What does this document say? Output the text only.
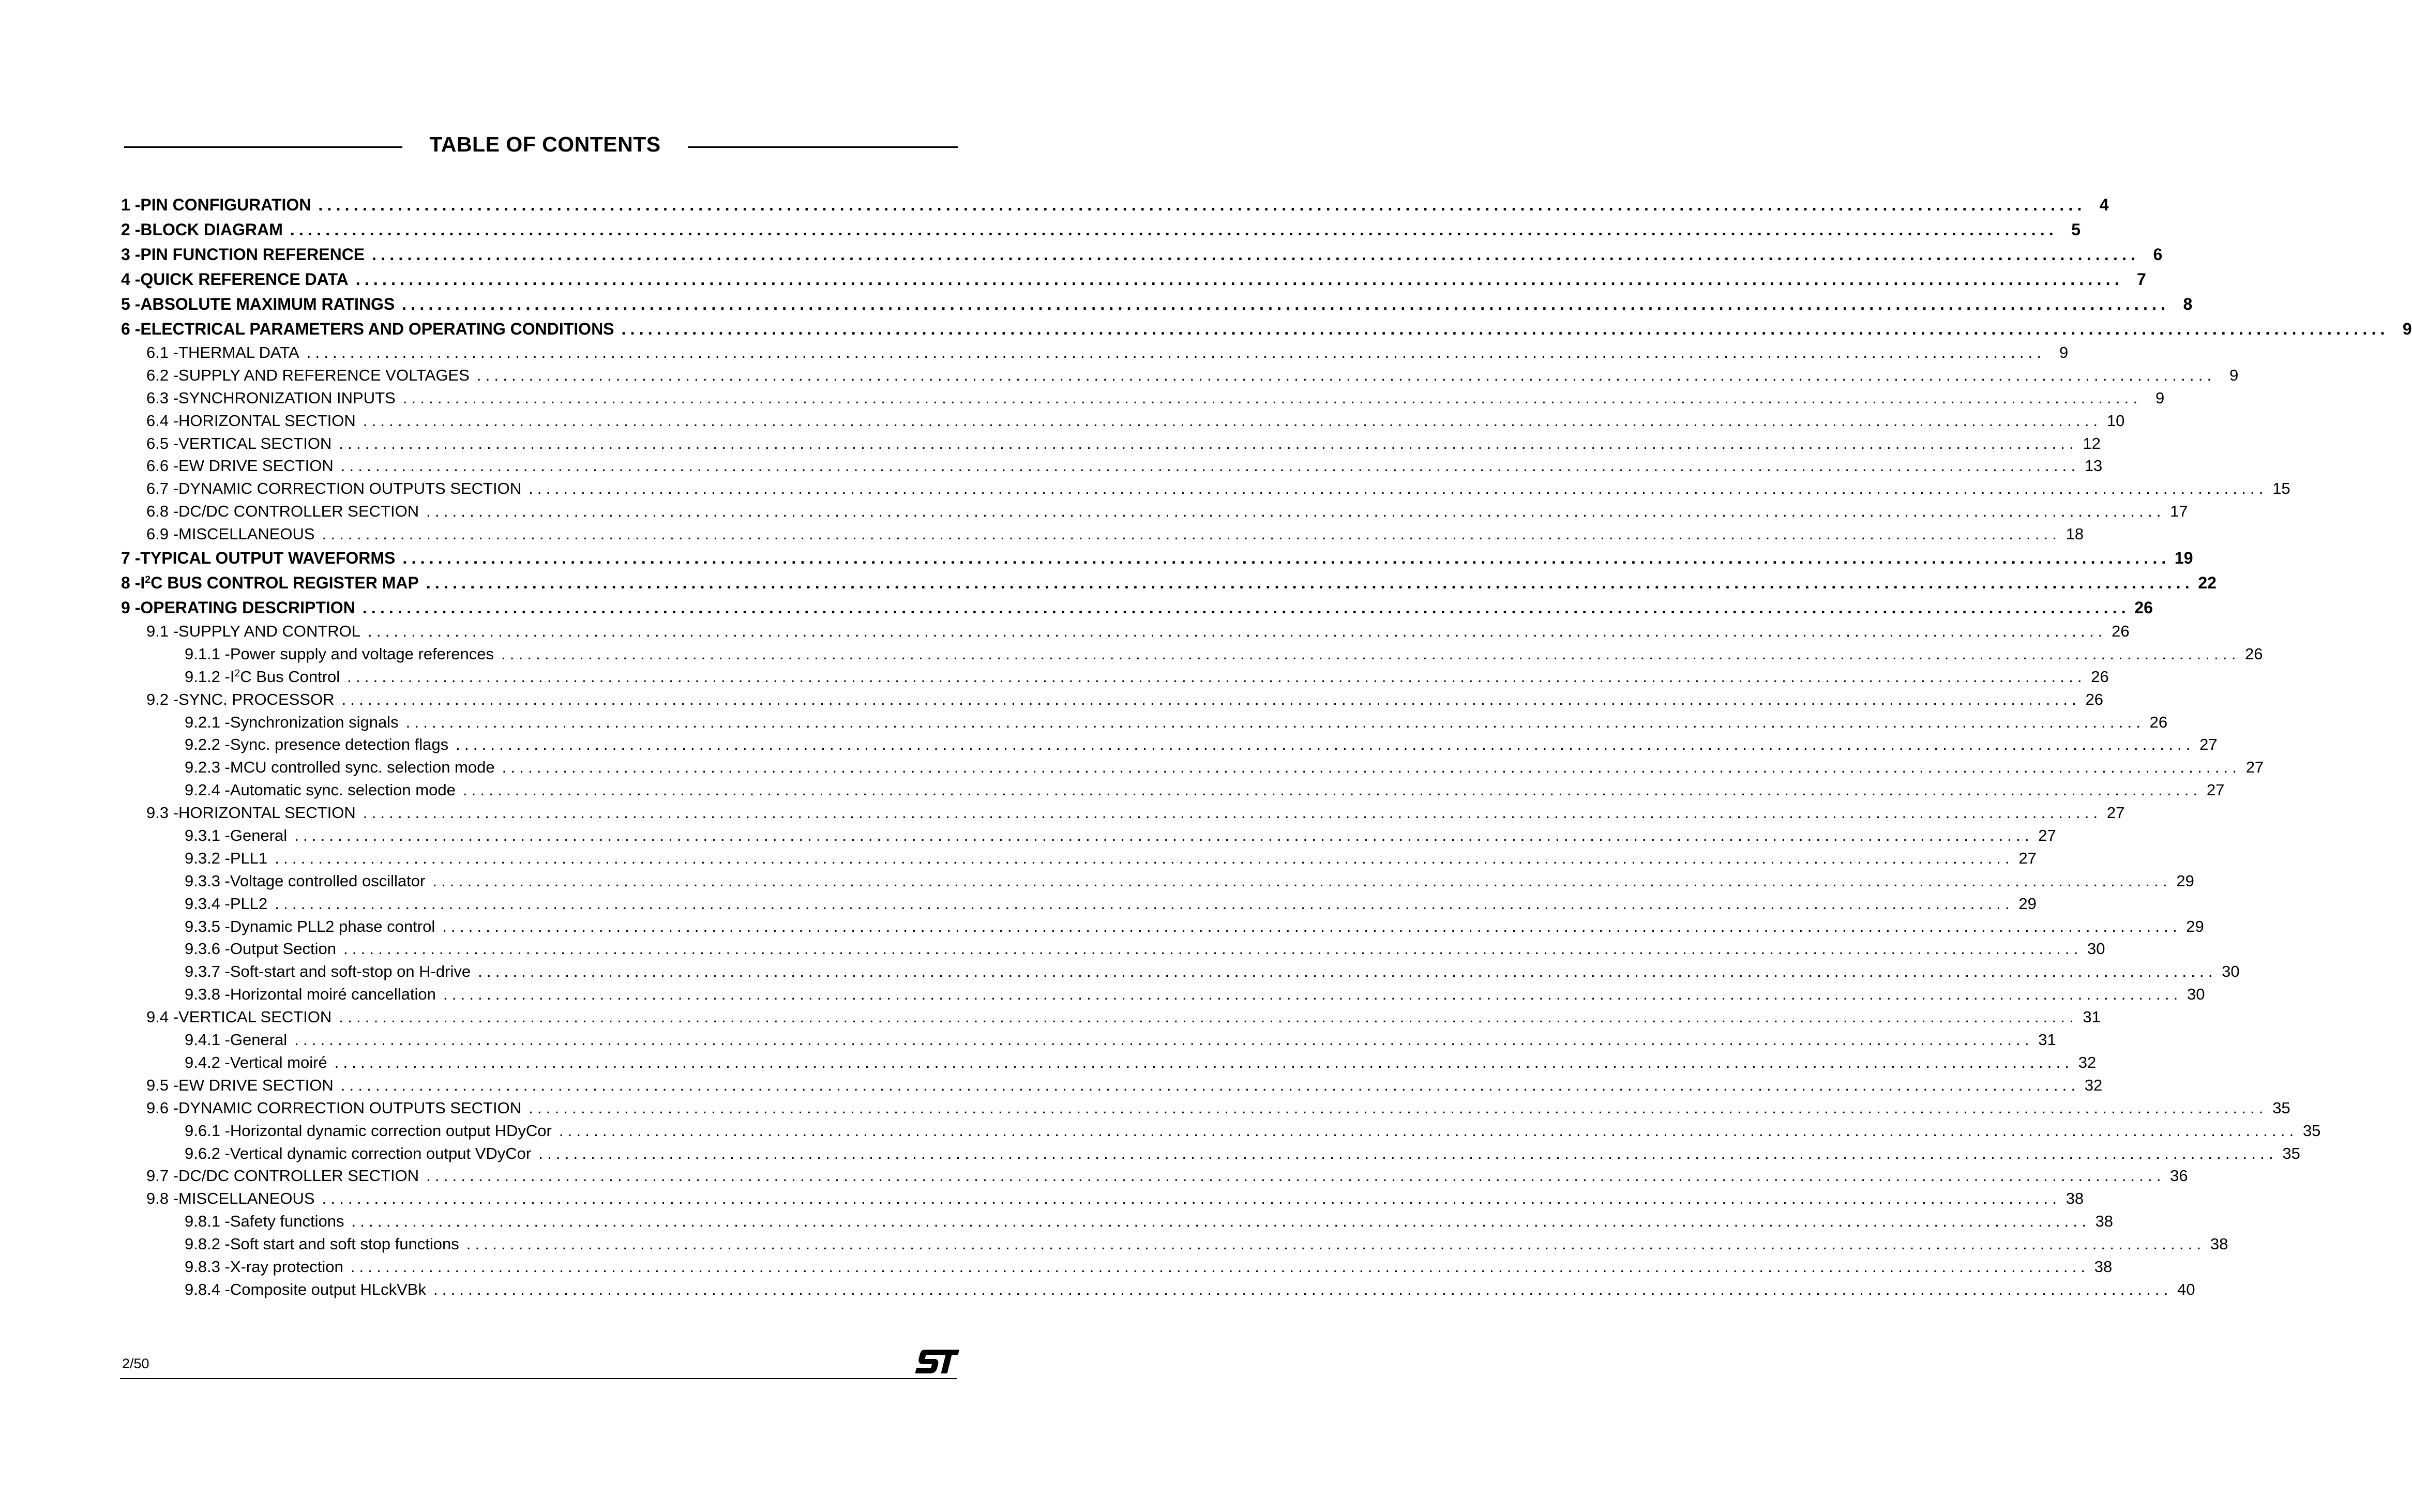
TABLE OF CONTENTS
1 -PIN CONFIGURATION ........................................................................................................................................................................................................ 4
2 -BLOCK DIAGRAM ........................................................................................................................................................................................................ 5
3 -PIN FUNCTION REFERENCE ........................................................................................................................................................................................................ 6
4 -QUICK REFERENCE DATA ........................................................................................................................................................................................................ 7
5 -ABSOLUTE MAXIMUM RATINGS ........................................................................................................................................................................................................ 8
6 -ELECTRICAL PARAMETERS AND OPERATING CONDITIONS ........................................................................................................................................................................................................ 9
6.1 -THERMAL DATA ........................................................................................................................................................................................................ 9
6.2 -SUPPLY AND REFERENCE VOLTAGES ........................................................................................................................................................................................................ 9
6.3 -SYNCHRONIZATION INPUTS ........................................................................................................................................................................................................ 9
6.4 -HORIZONTAL SECTION ........................................................................................................................................................................................................ 10
6.5 -VERTICAL SECTION ........................................................................................................................................................................................................ 12
6.6 -EW DRIVE SECTION ........................................................................................................................................................................................................ 13
6.7 -DYNAMIC CORRECTION OUTPUTS SECTION ........................................................................................................................................................................................................ 15
6.8 -DC/DC CONTROLLER SECTION ........................................................................................................................................................................................................ 17
6.9 -MISCELLANEOUS ........................................................................................................................................................................................................ 18
7 -TYPICAL OUTPUT WAVEFORMS ........................................................................................................................................................................................................ 19
8 $-I^2C$ BUS CONTROL REGISTER MAP ........................................................................................................................................................................................................ 22
9 -OPERATING DESCRIPTION ........................................................................................................................................................................................................ 26
9.1 -SUPPLY AND CONTROL ........................................................................................................................................................................................................ 26
9.1.1 -Power supply and voltage references ........................................................................................................................................................................................................ 26
9.1.2 $-I^2C$ Bus Control ........................................................................................................................................................................................................ 26
9.2 -SYNC. PROCESSOR ........................................................................................................................................................................................................ 26
9.2.1 -Synchronization signals ........................................................................................................................................................................................................ 26
9.2.2 -Sync. presence detection flags ........................................................................................................................................................................................................ 27
9.2.3 -MCU controlled sync. selection mode ........................................................................................................................................................................................................ 27
9.2.4 -Automatic sync. selection mode ........................................................................................................................................................................................................ 27
9.3 -HORIZONTAL SECTION ........................................................................................................................................................................................................ 27
9.3.1 -General ........................................................................................................................................................................................................ 27
9.3.2 -PLL1 ........................................................................................................................................................................................................ 27
9.3.3 -Voltage controlled oscillator ........................................................................................................................................................................................................ 29
9.3.4 -PLL2 ........................................................................................................................................................................................................ 29
9.3.5 -Dynamic PLL2 phase control ........................................................................................................................................................................................................ 29
9.3.6 -Output Section ........................................................................................................................................................................................................ 30
9.3.7 -Soft-start and soft-stop on H-drive ........................................................................................................................................................................................................ 30
9.3.8 -Horizontal moiré cancellation ........................................................................................................................................................................................................ 30
9.4 -VERTICAL SECTION ........................................................................................................................................................................................................ 31
9.4.1 -General ........................................................................................................................................................................................................ 31
9.4.2 -Vertical moiré ........................................................................................................................................................................................................ 32
9.5 -EW DRIVE SECTION ........................................................................................................................................................................................................ 32
9.6 -DYNAMIC CORRECTION OUTPUTS SECTION ........................................................................................................................................................................................................ 35
9.6.1 -Horizontal dynamic correction output HDyCor ........................................................................................................................................................................................................ 35
9.6.2 -Vertical dynamic correction output VDyCor ........................................................................................................................................................................................................ 35
9.7 -DC/DC CONTROLLER SECTION ........................................................................................................................................................................................................ 36
9.8 -MISCELLANEOUS ........................................................................................................................................................................................................ 38
9.8.1 -Safety functions ........................................................................................................................................................................................................ 38
9.8.2 -Soft start and soft stop functions ........................................................................................................................................................................................................ 38
9.8.3 -X-ray protection ........................................................................................................................................................................................................ 38
9.8.4 -Composite output HLckVBk ........................................................................................................................................................................................................ 40
2/50
